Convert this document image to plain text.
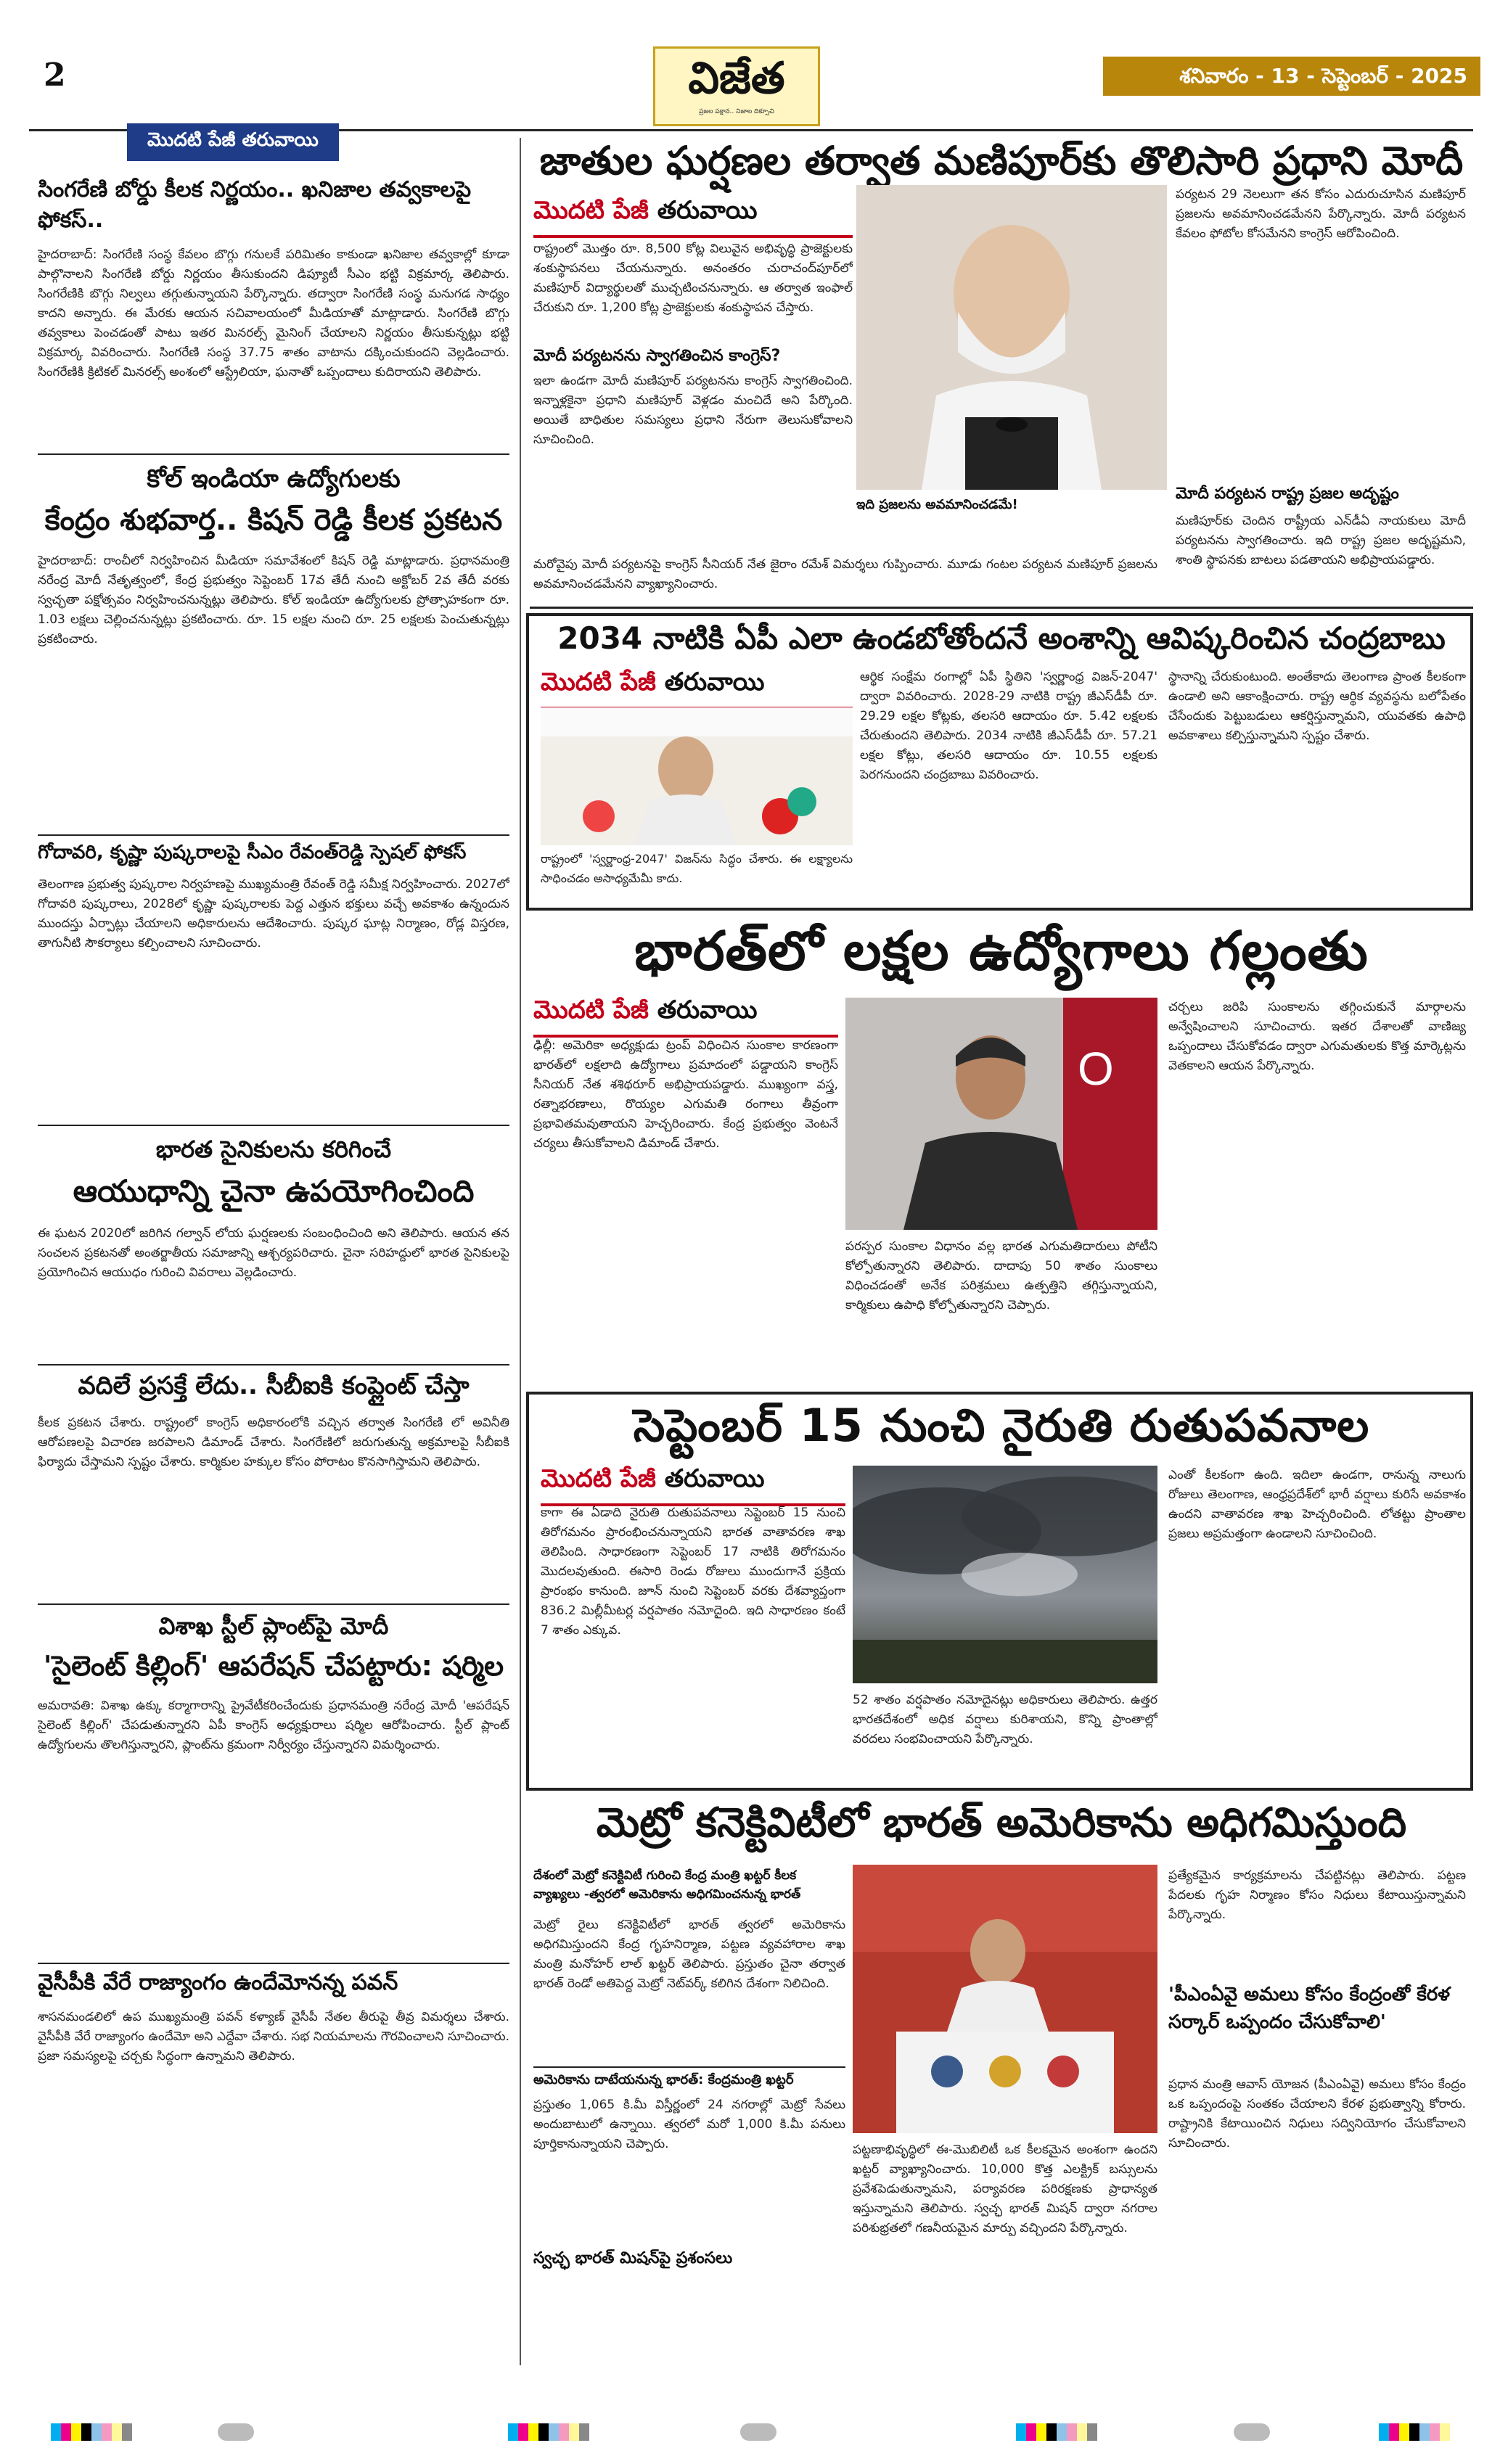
2	విజేత
ప్రజల పక్షాన.. నిజాల దిక్సూచి
శనివారం - 13 - సెప్టెంబర్ - 2025
మొదటి పేజీ తరువాయి
సింగరేణి బోర్డు కీలక నిర్ణయం.. ఖనిజాల తవ్వకాలపై ఫోకస్..
హైదరాబాద్: సింగరేణి సంస్థ కేవలం బొగ్గు గనులకే పరిమితం కాకుండా ఖనిజాల తవ్వకాల్లో కూడా పాల్గొనాలని సింగరేణి బోర్డు నిర్ణయం తీసుకుందని డిప్యూటీ సీఎం భట్టి విక్రమార్క తెలిపారు. సింగరేణికి బొగ్గు నిల్వలు తగ్గుతున్నాయని పేర్కొన్నారు. తద్వారా సింగరేణి సంస్థ మనుగడ సాధ్యం కాదని అన్నారు. ఈ మేరకు ఆయన సచివాలయంలో మీడియాతో మాట్లాడారు. సింగరేణి బొగ్గు తవ్వకాలు పెంచడంతో పాటు ఇతర మినరల్స్ మైనింగ్ చేయాలని నిర్ణయం తీసుకున్నట్లు భట్టి విక్రమార్క వివరించారు. సింగరేణి సంస్థ 37.75 శాతం వాటాను దక్కించుకుందని వెల్లడించారు. సింగరేణికి క్రిటికల్ మినరల్స్ అంశంలో ఆస్ట్రేలియా, ఘనాతో ఒప్పందాలు కుదిరాయని తెలిపారు.
కోల్ ఇండియా ఉద్యోగులకు
కేంద్రం శుభవార్త.. కిషన్ రెడ్డి కీలక ప్రకటన
హైదరాబాద్: రాంచీలో నిర్వహించిన మీడియా సమావేశంలో కిషన్ రెడ్డి మాట్లాడారు. ప్రధానమంత్రి నరేంద్ర మోదీ నేతృత్వంలో, కేంద్ర ప్రభుత్వం సెప్టెంబర్ 17వ తేదీ నుంచి అక్టోబర్ 2వ తేదీ వరకు స్వచ్ఛతా పక్షోత్సవం నిర్వహించనున్నట్లు తెలిపారు. కోల్ ఇండియా ఉద్యోగులకు ప్రోత్సాహకంగా రూ. 1.03 లక్షలు చెల్లించనున్నట్లు ప్రకటించారు. రూ. 15 లక్షల నుంచి రూ. 25 లక్షలకు పెంచుతున్నట్లు ప్రకటించారు.
గోదావరి, కృష్ణా పుష్కరాలపై సీఎం రేవంత్‌రెడ్డి స్పెషల్ ఫోకస్
తెలంగాణ ప్రభుత్వ పుష్కరాల నిర్వహణపై ముఖ్యమంత్రి రేవంత్ రెడ్డి సమీక్ష నిర్వహించారు. 2027లో గోదావరి పుష్కరాలు, 2028లో కృష్ణా పుష్కరాలకు పెద్ద ఎత్తున భక్తులు వచ్చే అవకాశం ఉన్నందున ముందస్తు ఏర్పాట్లు చేయాలని అధికారులను ఆదేశించారు. పుష్కర ఘాట్ల నిర్మాణం, రోడ్ల విస్తరణ, తాగునీటి సౌకర్యాలు కల్పించాలని సూచించారు.
భారత సైనికులను కరిగించే
ఆయుధాన్ని చైనా ఉపయోగించింది
ఈ ఘటన 2020లో జరిగిన గల్వాన్ లోయ ఘర్షణలకు సంబంధించింది అని తెలిపారు. ఆయన తన సంచలన ప్రకటనతో అంతర్జాతీయ సమాజాన్ని ఆశ్చర్యపరిచారు. చైనా సరిహద్దులో భారత సైనికులపై ప్రయోగించిన ఆయుధం గురించి వివరాలు వెల్లడించారు.
వదిలే ప్రసక్తే లేదు.. సీబీఐకి కంప్లైంట్ చేస్తా
కీలక ప్రకటన చేశారు. రాష్ట్రంలో కాంగ్రెస్ అధికారంలోకి వచ్చిన తర్వాత సింగరేణి లో అవినీతి ఆరోపణలపై విచారణ జరపాలని డిమాండ్ చేశారు. సింగరేణిలో జరుగుతున్న అక్రమాలపై సీబీఐకి ఫిర్యాదు చేస్తామని స్పష్టం చేశారు. కార్మికుల హక్కుల కోసం పోరాటం కొనసాగిస్తామని తెలిపారు.
విశాఖ స్టీల్ ప్లాంట్‌పై మోదీ
'సైలెంట్ కిల్లింగ్' ఆపరేషన్ చేపట్టారు: షర్మిల
అమరావతి: విశాఖ ఉక్కు కర్మాగారాన్ని ప్రైవేటీకరించేందుకు ప్రధానమంత్రి నరేంద్ర మోదీ 'ఆపరేషన్ సైలెంట్ కిల్లింగ్' చేపడుతున్నారని ఏపీ కాంగ్రెస్ అధ్యక్షురాలు షర్మిల ఆరోపించారు. స్టీల్ ప్లాంట్ ఉద్యోగులను తొలగిస్తున్నారని, ప్లాంట్‌ను క్రమంగా నిర్వీర్యం చేస్తున్నారని విమర్శించారు.
వైసీపీకి వేరే రాజ్యాంగం ఉందేమోనన్న పవన్
శాసనమండలిలో ఉప ముఖ్యమంత్రి పవన్ కళ్యాణ్ వైసీపీ నేతల తీరుపై తీవ్ర విమర్శలు చేశారు. వైసీపీకి వేరే రాజ్యాంగం ఉందేమో అని ఎద్దేవా చేశారు. సభ నియమాలను గౌరవించాలని సూచించారు. ప్రజా సమస్యలపై చర్చకు సిద్ధంగా ఉన్నామని తెలిపారు.
జాతుల ఘర్షణల తర్వాత మణిపూర్‌కు తొలిసారి ప్రధాని మోదీ
మొదటి పేజీ తరువాయి
రాష్ట్రంలో మొత్తం రూ. 8,500 కోట్ల విలువైన అభివృద్ధి ప్రాజెక్టులకు శంకుస్థాపనలు చేయనున్నారు. అనంతరం చురాచంద్‌పూర్‌లో మణిపూర్ విద్యార్థులతో ముచ్చటించనున్నారు. ఆ తర్వాత ఇంఫాల్ చేరుకుని రూ. 1,200 కోట్ల ప్రాజెక్టులకు శంకుస్థాపన చేస్తారు.
మోదీ పర్యటనను స్వాగతించిన కాంగ్రెస్?
ఇలా ఉండగా మోదీ మణిపూర్ పర్యటనను కాంగ్రెస్ స్వాగతించింది. ఇన్నాళ్లకైనా ప్రధాని మణిపూర్ వెళ్లడం మంచిదే అని పేర్కొంది. అయితే బాధితుల సమస్యలు ప్రధాని నేరుగా తెలుసుకోవాలని సూచించింది.
ఇది ప్రజలను అవమానించడమే!
మరోవైపు మోదీ పర్యటనపై కాంగ్రెస్ సీనియర్ నేత జైరాం రమేశ్ విమర్శలు గుప్పించారు. మూడు గంటల పర్యటన మణిపూర్ ప్రజలను అవమానించడమేనని వ్యాఖ్యానించారు.
పర్యటన 29 నెలలుగా తన కోసం ఎదురుచూసిన మణిపూర్ ప్రజలను అవమానించడమేనని పేర్కొన్నారు. మోదీ పర్యటన కేవలం ఫోటోల కోసమేనని కాంగ్రెస్ ఆరోపించింది.
మోదీ పర్యటన రాష్ట్ర ప్రజల అదృష్టం
మణిపూర్‌కు చెందిన రాష్ట్రీయ ఎన్‌డీఏ నాయకులు మోదీ పర్యటనను స్వాగతించారు. ఇది రాష్ట్ర ప్రజల అదృష్టమని, శాంతి స్థాపనకు బాటలు పడతాయని అభిప్రాయపడ్డారు.
2034 నాటికి ఏపీ ఎలా ఉండబోతోందనే అంశాన్ని ఆవిష్కరించిన చంద్రబాబు
మొదటి పేజీ తరువాయి
రాష్ట్రంలో 'స్వర్ణాంధ్ర-2047' విజన్‌ను సిద్ధం చేశారు. ఈ లక్ష్యాలను సాధించడం అసాధ్యమేమీ కాదు.
ఆర్థిక సంక్షేమ రంగాల్లో ఏపీ స్థితిని 'స్వర్ణాంధ్ర విజన్-2047' ద్వారా వివరించారు. 2028-29 నాటికి రాష్ట్ర జీఎస్‌డీపీ రూ. 29.29 లక్షల కోట్లకు, తలసరి ఆదాయం రూ. 5.42 లక్షలకు చేరుతుందని తెలిపారు. 2034 నాటికి జీఎస్‌డీపీ రూ. 57.21 లక్షల కోట్లు, తలసరి ఆదాయం రూ. 10.55 లక్షలకు పెరగనుందని చంద్రబాబు వివరించారు.
స్థానాన్ని చేరుకుంటుంది. అంతేకాదు తెలంగాణ ప్రాంత కీలకంగా ఉండాలి అని ఆకాంక్షించారు. రాష్ట్ర ఆర్థిక వ్యవస్థను బలోపేతం చేసేందుకు పెట్టుబడులు ఆకర్షిస్తున్నామని, యువతకు ఉపాధి అవకాశాలు కల్పిస్తున్నామని స్పష్టం చేశారు.
భారత్‌లో లక్షల ఉద్యోగాలు గల్లంతు
మొదటి పేజీ తరువాయి
ఢిల్లీ: అమెరికా అధ్యక్షుడు ట్రంప్ విధించిన సుంకాల కారణంగా భారత్‌లో లక్షలాది ఉద్యోగాలు ప్రమాదంలో పడ్డాయని కాంగ్రెస్ సీనియర్ నేత శశిథరూర్ అభిప్రాయపడ్డారు. ముఖ్యంగా వస్త్ర, రత్నాభరణాలు, రొయ్యల ఎగుమతి రంగాలు తీవ్రంగా ప్రభావితమవుతాయని హెచ్చరించారు. కేంద్ర ప్రభుత్వం వెంటనే చర్యలు తీసుకోవాలని డిమాండ్ చేశారు.
O
పరస్పర సుంకాల విధానం వల్ల భారత ఎగుమతిదారులు పోటీని కోల్పోతున్నారని తెలిపారు. దాదాపు 50 శాతం సుంకాలు విధించడంతో అనేక పరిశ్రమలు ఉత్పత్తిని తగ్గిస్తున్నాయని, కార్మికులు ఉపాధి కోల్పోతున్నారని చెప్పారు.
చర్చలు జరిపి సుంకాలను తగ్గించుకునే మార్గాలను అన్వేషించాలని సూచించారు. ఇతర దేశాలతో వాణిజ్య ఒప్పందాలు చేసుకోవడం ద్వారా ఎగుమతులకు కొత్త మార్కెట్లను వెతకాలని ఆయన పేర్కొన్నారు.
సెప్టెంబర్ 15 నుంచి నైరుతి రుతుపవనాల
మొదటి పేజీ తరువాయి
కాగా ఈ ఏడాది నైరుతి రుతుపవనాలు సెప్టెంబర్ 15 నుంచి తిరోగమనం ప్రారంభించనున్నాయని భారత వాతావరణ శాఖ తెలిపింది. సాధారణంగా సెప్టెంబర్ 17 నాటికి తిరోగమనం మొదలవుతుంది. ఈసారి రెండు రోజులు ముందుగానే ప్రక్రియ ప్రారంభం కానుంది. జూన్ నుంచి సెప్టెంబర్ వరకు దేశవ్యాప్తంగా 836.2 మిల్లీమీటర్ల వర్షపాతం నమోదైంది. ఇది సాధారణం కంటే 7 శాతం ఎక్కువ.
52 శాతం వర్షపాతం నమోదైనట్లు అధికారులు తెలిపారు. ఉత్తర భారతదేశంలో అధిక వర్షాలు కురిశాయని, కొన్ని ప్రాంతాల్లో వరదలు సంభవించాయని పేర్కొన్నారు.
ఎంతో కీలకంగా ఉంది. ఇదిలా ఉండగా, రానున్న నాలుగు రోజులు తెలంగాణ, ఆంధ్రప్రదేశ్‌లో భారీ వర్షాలు కురిసే అవకాశం ఉందని వాతావరణ శాఖ హెచ్చరించింది. లోతట్టు ప్రాంతాల ప్రజలు అప్రమత్తంగా ఉండాలని సూచించింది.
మెట్రో కనెక్టివిటీలో భారత్ అమెరికాను అధిగమిస్తుంది
దేశంలో మెట్రో కనెక్టివిటీ గురించి కేంద్ర మంత్రి ఖట్టర్ కీలక వ్యాఖ్యలు -త్వరలో అమెరికాను అధిగమించనున్న భారత్
మెట్రో రైలు కనెక్టివిటీలో భారత్ త్వరలో అమెరికాను అధిగమిస్తుందని కేంద్ర గృహనిర్మాణ, పట్టణ వ్యవహారాల శాఖ మంత్రి మనోహర్ లాల్ ఖట్టర్ తెలిపారు. ప్రస్తుతం చైనా తర్వాత భారత్ రెండో అతిపెద్ద మెట్రో నెట్‌వర్క్ కలిగిన దేశంగా నిలిచింది.
అమెరికాను దాటేయనున్న భారత్: కేంద్రమంత్రి ఖట్టర్
ప్రస్తుతం 1,065 కి.మీ విస్తీర్ణంలో 24 నగరాల్లో మెట్రో సేవలు అందుబాటులో ఉన్నాయి. త్వరలో మరో 1,000 కి.మీ పనులు పూర్తికానున్నాయని చెప్పారు.
స్వచ్ఛ భారత్ మిషన్‌పై ప్రశంసలు
పట్టణాభివృద్ధిలో ఈ-మొబిలిటీ ఒక కీలకమైన అంశంగా ఉందని ఖట్టర్ వ్యాఖ్యానించారు. 10,000 కొత్త ఎలక్ట్రిక్ బస్సులను ప్రవేశపెడుతున్నామని, పర్యావరణ పరిరక్షణకు ప్రాధాన్యత ఇస్తున్నామని తెలిపారు. స్వచ్ఛ భారత్ మిషన్ ద్వారా నగరాల పరిశుభ్రతలో గణనీయమైన మార్పు వచ్చిందని పేర్కొన్నారు.
ప్రత్యేకమైన కార్యక్రమాలను చేపట్టినట్లు తెలిపారు. పట్టణ పేదలకు గృహ నిర్మాణం కోసం నిధులు కేటాయిస్తున్నామని పేర్కొన్నారు.
'పీఎంఏవై అమలు కోసం కేంద్రంతో కేరళ సర్కార్ ఒప్పందం చేసుకోవాలి'
ప్రధాన మంత్రి ఆవాస్ యోజన (పీఎంఏవై) అమలు కోసం కేంద్రం ఒక ఒప్పందంపై సంతకం చేయాలని కేరళ ప్రభుత్వాన్ని కోరారు. రాష్ట్రానికి కేటాయించిన నిధులు సద్వినియోగం చేసుకోవాలని సూచించారు.
